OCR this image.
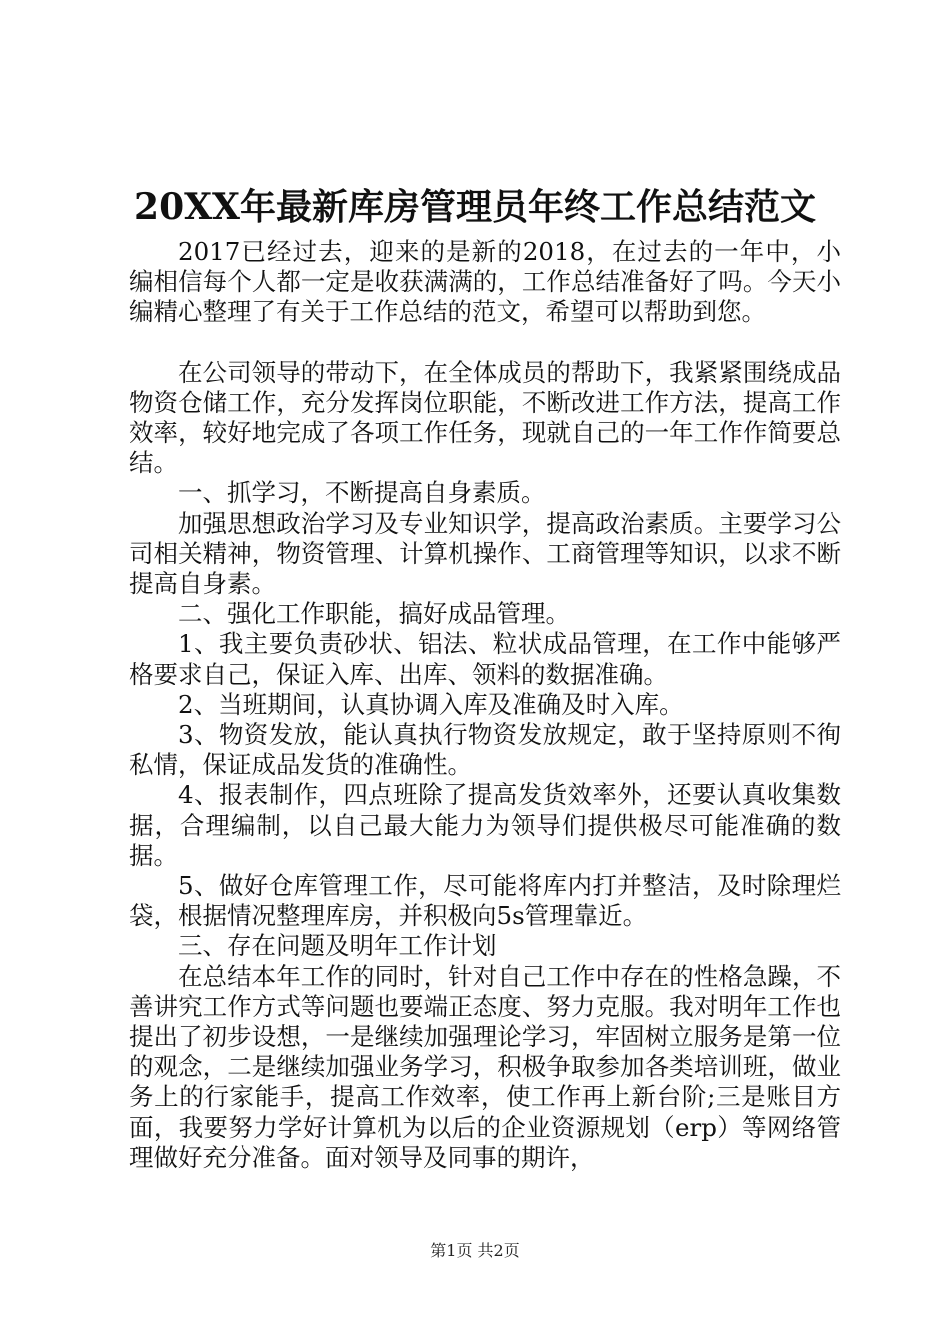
20XX年最新库房管理员年终工作总结范文

2017已经过去，迎来的是新的2018，在过去的一年中，小编相信每个人都一定是收获满满的，工作总结准备好了吗。今天小编精心整理了有关于工作总结的范文，希望可以帮助到您。

在公司领导的带动下，在全体成员的帮助下，我紧紧围绕成品物资仓储工作，充分发挥岗位职能，不断改进工作方法，提高工作效率，较好地完成了各项工作任务，现就自己的一年工作作简要总结。

一、抓学习，不断提高自身素质。

加强思想政治学习及专业知识学，提高政治素质。主要学习公司相关精神，物资管理、计算机操作、工商管理等知识，以求不断提高自身素。

二、强化工作职能，搞好成品管理。

1、我主要负责砂状、铝法、粒状成品管理，在工作中能够严格要求自己，保证入库、出库、领料的数据准确。

2、当班期间，认真协调入库及准确及时入库。

3、物资发放，能认真执行物资发放规定，敢于坚持原则不徇私情，保证成品发货的准确性。

4、报表制作，四点班除了提高发货效率外，还要认真收集数据，合理编制，以自己最大能力为领导们提供极尽可能准确的数据。

5、做好仓库管理工作，尽可能将库内打并整洁，及时除理烂袋，根据情况整理库房，并积极向5s管理靠近。

三、存在问题及明年工作计划

在总结本年工作的同时，针对自己工作中存在的性格急躁，不善讲究工作方式等问题也要端正态度、努力克服。我对明年工作也提出了初步设想，一是继续加强理论学习，牢固树立服务是第一位的观念，二是继续加强业务学习，积极争取参加各类培训班，做业务上的行家能手，提高工作效率，使工作再上新台阶;三是账目方面，我要努力学好计算机为以后的企业资源规划（erp）等网络管理做好充分准备。面对领导及同事的期许，

第1页 共2页
